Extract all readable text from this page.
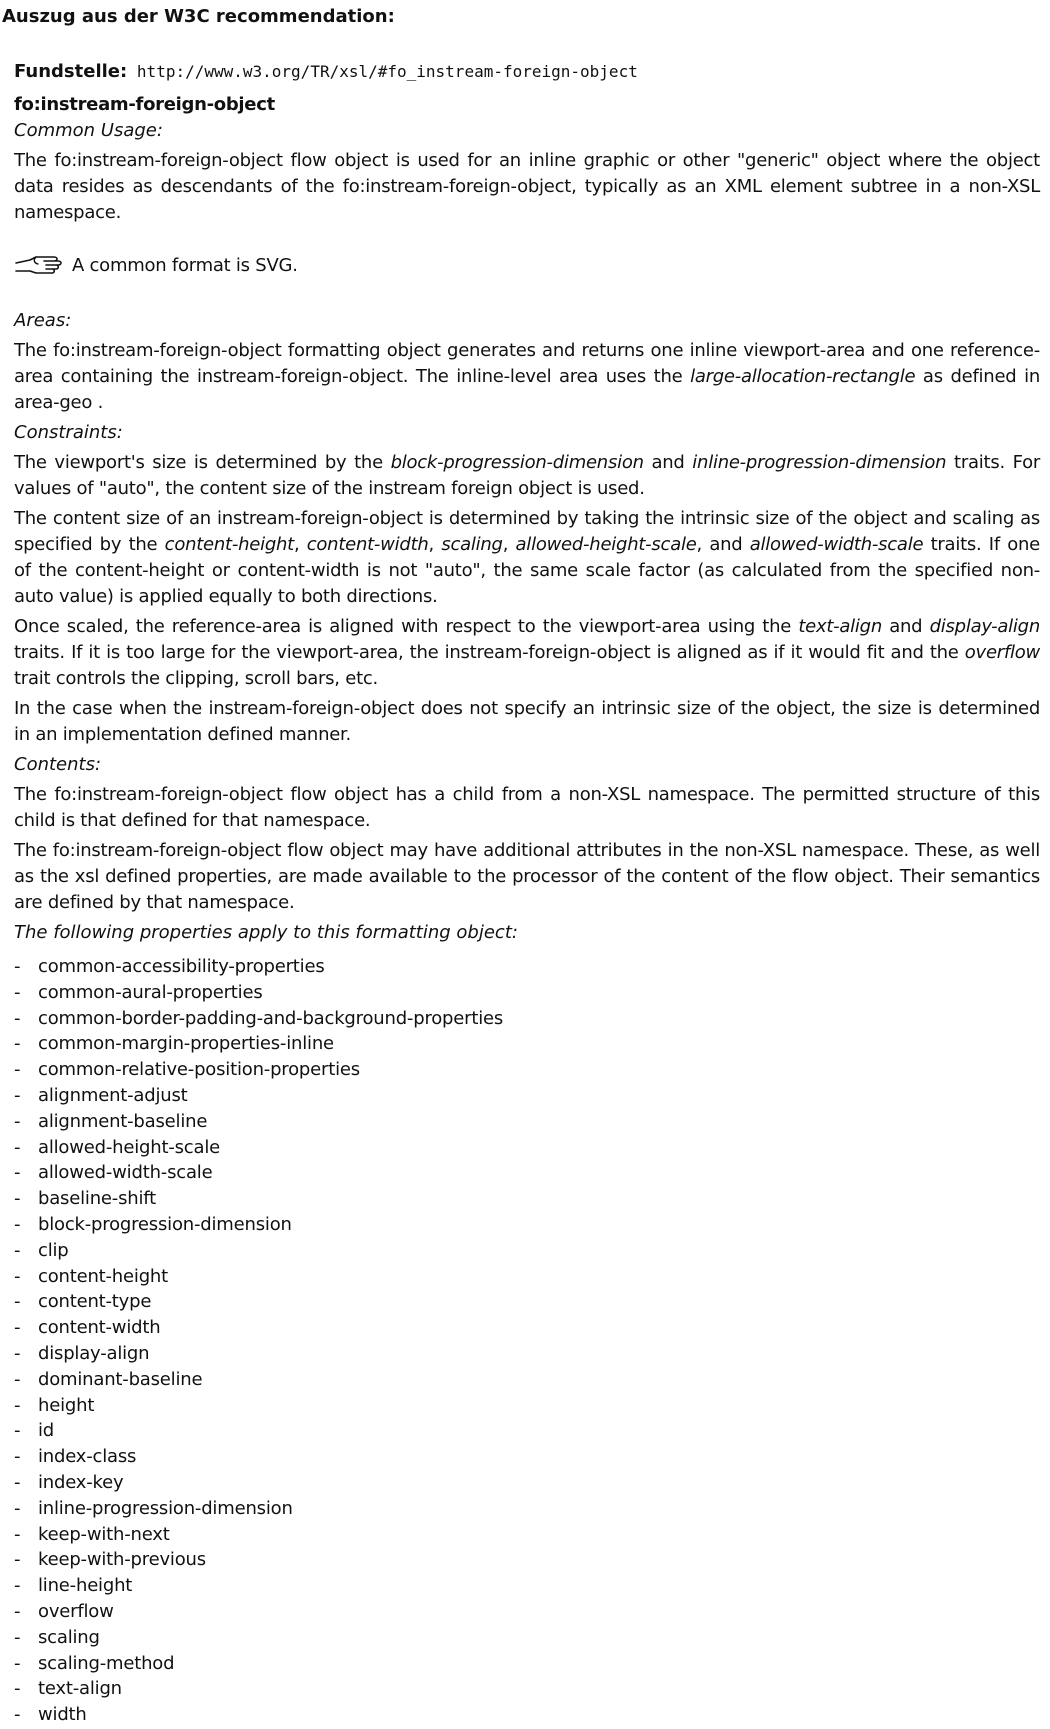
Auszug aus der W3C recommendation:
Fundstelle: http://www.w3.org/TR/xsl/#fo_instream-foreign-object

fo:instream-foreign-object

Common Usage:

The fo:instream-foreign-object flow object is used for an inline graphic or other "generic" object where the object data resides as descendants of the fo:instream-foreign-object, typically as an XML element subtree in a non-XSL namespace.

A common format is SVG.

Areas:

The fo:instream-foreign-object formatting object generates and returns one inline viewport-area and one reference-area containing the instream-foreign-object. The inline-level area uses the large-allocation-rectangle as defined in area-geo .

Constraints:

The viewport's size is determined by the block-progression-dimension and inline-progression-dimension traits. For values of "auto", the content size of the instream foreign object is used.

The content size of an instream-foreign-object is determined by taking the intrinsic size of the object and scaling as specified by the content-height, content-width, scaling, allowed-height-scale, and allowed-width-scale traits. If one of the content-height or content-width is not "auto", the same scale factor (as calculated from the specified non-auto value) is applied equally to both directions.

Once scaled, the reference-area is aligned with respect to the viewport-area using the text-align and display-align traits. If it is too large for the viewport-area, the instream-foreign-object is aligned as if it would fit and the overflow trait controls the clipping, scroll bars, etc.

In the case when the instream-foreign-object does not specify an intrinsic size of the object, the size is determined in an implementation defined manner.

Contents:

The fo:instream-foreign-object flow object has a child from a non-XSL namespace. The permitted structure of this child is that defined for that namespace.

The fo:instream-foreign-object flow object may have additional attributes in the non-XSL namespace. These, as well as the xsl defined properties, are made available to the processor of the content of the flow object. Their semantics are defined by that namespace.

The following properties apply to this formatting object:

- common-accessibility-properties
- common-aural-properties
- common-border-padding-and-background-properties
- common-margin-properties-inline
- common-relative-position-properties
- alignment-adjust
- alignment-baseline
- allowed-height-scale
- allowed-width-scale
- baseline-shift
- block-progression-dimension
- clip
- content-height
- content-type
- content-width
- display-align
- dominant-baseline
- height
- id
- index-class
- index-key
- inline-progression-dimension
- keep-with-next
- keep-with-previous
- line-height
- overflow
- scaling
- scaling-method
- text-align
- width
